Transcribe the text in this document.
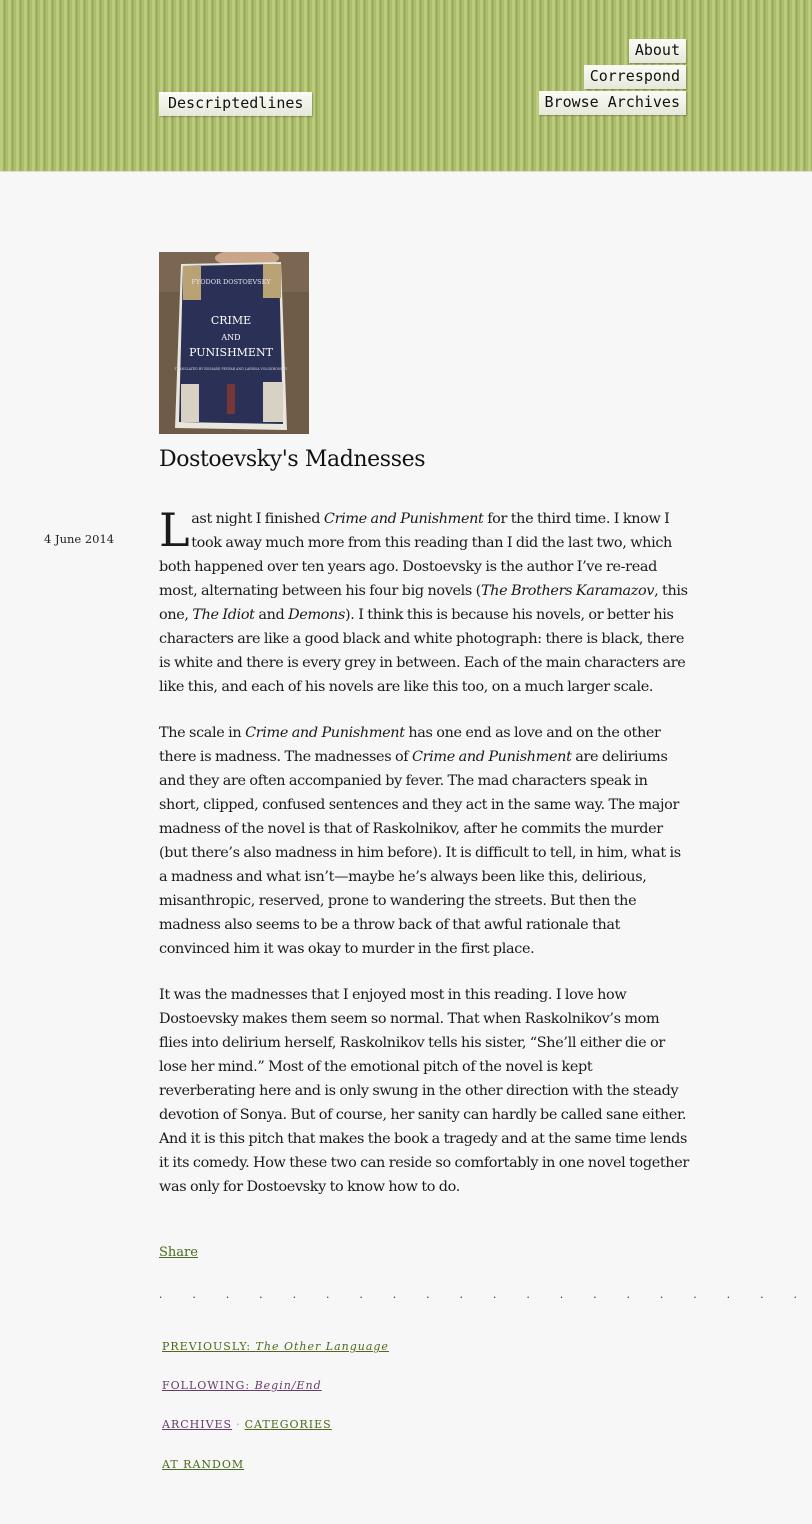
Descriptedlines
About
Correspond
Browse Archives
FYODOR DOSTOEVSKY
CRIME
AND
PUNISHMENT
TRANSLATED BY RICHARD PEVEAR AND LARISSA VOLOKHONSKY
Dostoevsky's Madnesses
4 June 2014 Last night I finished Crime and Punishment for the third time. I know I took away much more from this reading than I did the last two, which both happened over ten years ago. Dostoevsky is the author I’ve re-read most, alternating between his four big novels (The Brothers Karamazov, this one, The Idiot and Demons). I think this is because his novels, or better his characters are like a good black and white photograph: there is black, there is white and there is every grey in between. Each of the main characters are like this, and each of his novels are like this too, on a much larger scale.

The scale in Crime and Punishment has one end as love and on the other there is madness. The madnesses of Crime and Punishment are deliriums and they are often accompanied by fever. The mad characters speak in short, clipped, confused sentences and they act in the same way. The major madness of the novel is that of Raskolnikov, after he commits the murder (but there’s also madness in him before). It is difficult to tell, in him, what is a madness and what isn’t—maybe he’s always been like this, delirious, misanthropic, reserved, prone to wandering the streets. But then the madness also seems to be a throw back of that awful rationale that convinced him it was okay to murder in the first place.

It was the madnesses that I enjoyed most in this reading. I love how Dostoevsky makes them seem so normal. That when Raskolnikov’s mom flies into delirium herself, Raskolnikov tells his sister, “She’ll either die or lose her mind.” Most of the emotional pitch of the novel is kept reverberating here and is only swung in the other direction with the steady devotion of Sonya. But of course, her sanity can hardly be called sane either. And it is this pitch that makes the book a tragedy and at the same time lends it its comedy. How these two can reside so comfortably in one novel together was only for Dostoevsky to know how to do.

Share
· · · · · · · · · · · · · · · · · · · ·
PREVIOUSLY: The Other Language
FOLLOWING: Begin/End
ARCHIVES · CATEGORIES
AT RANDOM
